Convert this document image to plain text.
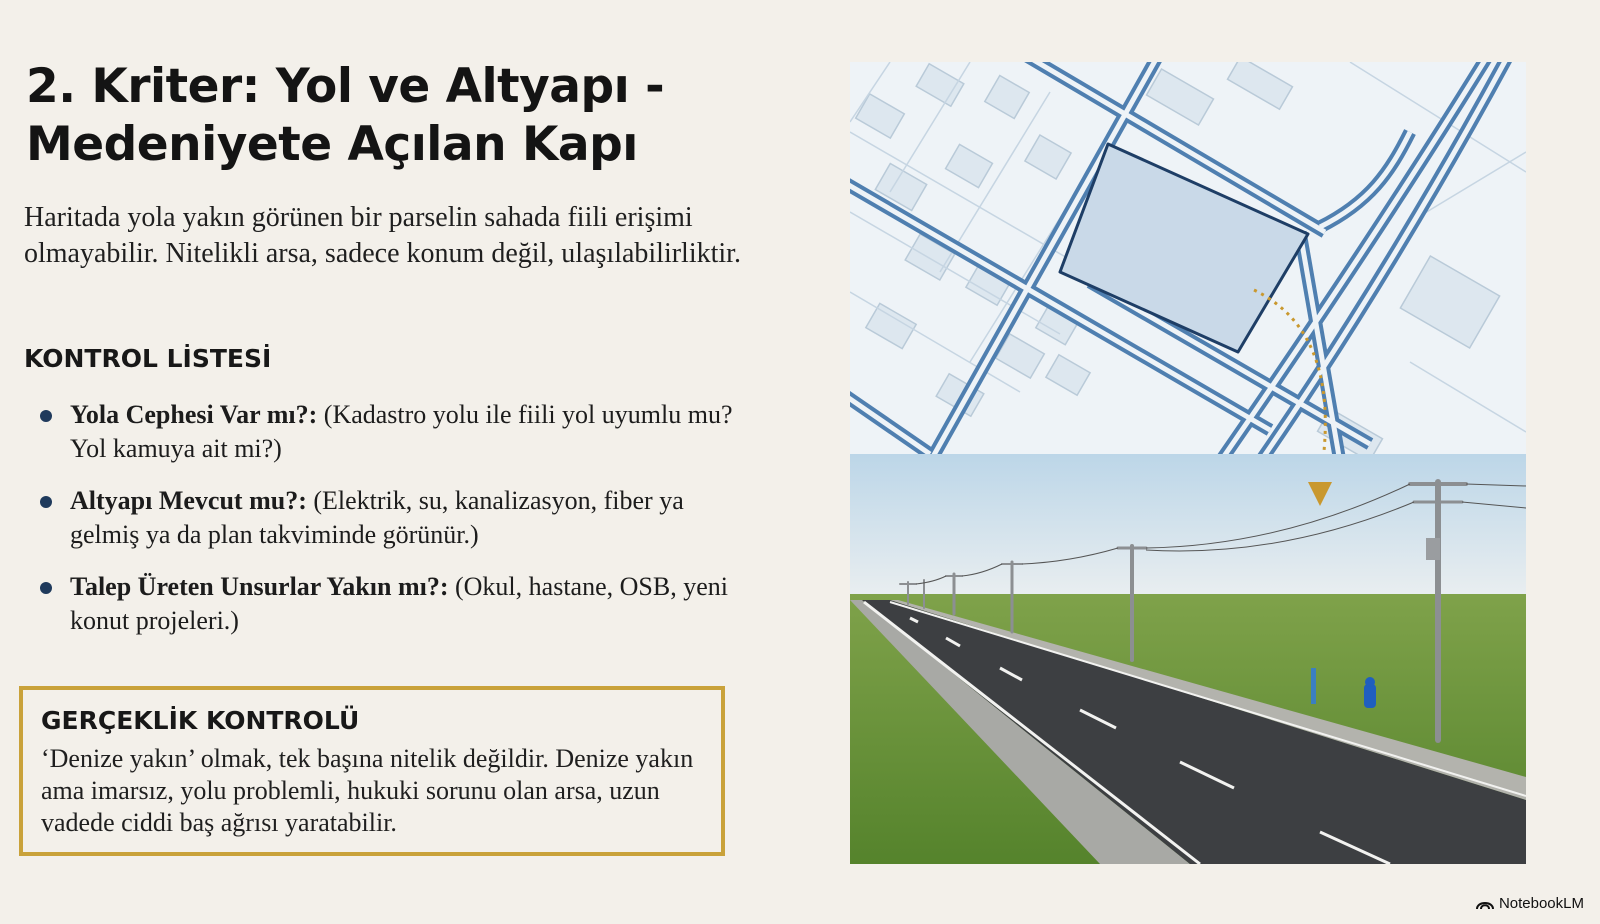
2. Kriter: Yol ve Altyapı -
Medeniyete Açılan Kapı

Haritada yola yakın görünen bir parselin sahada fiili erişimi olmayabilir. Nitelikli arsa, sadece konum değil, ulaşılabilirliktir.

KONTROL LİSTESİ
Yola Cephesi Var mı?: (Kadastro yolu ile fiili yol uyumlu mu? Yol kamuya ait mi?)
Altyapı Mevcut mu?: (Elektrik, su, kanalizasyon, fiber ya gelmiş ya da plan takviminde görünür.)
Talep Üreten Unsurlar Yakın mı?: (Okul, hastane, OSB, yeni konut projeleri.)
GERÇEKLİK KONTROLÜ

‘Denize yakın’ olmak, tek başına nitelik değildir. Denize yakın ama imarsız, yolu problemli, hukuki sorunu olan arsa, uzun vadede ciddi baş ağrısı yaratabilir.

NotebookLM
